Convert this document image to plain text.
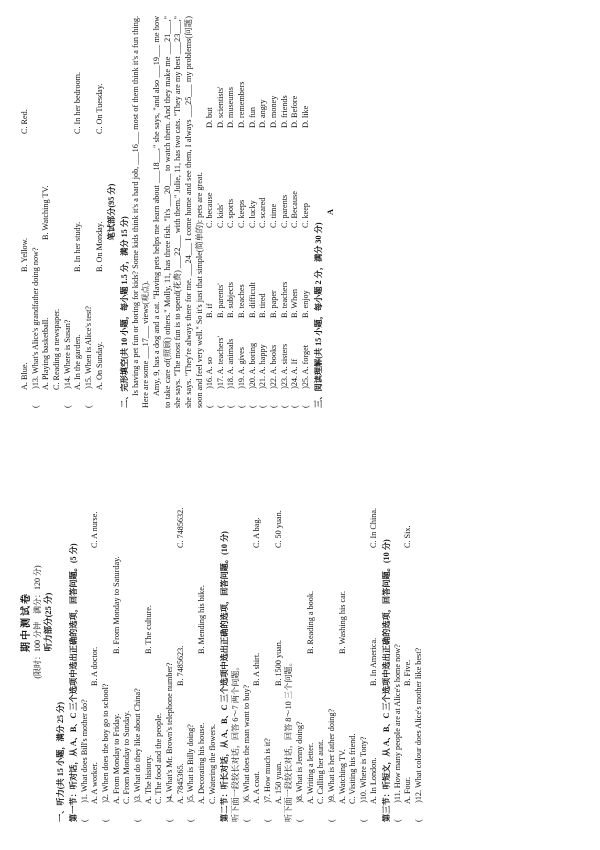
期中测试卷 (限时：100 分钟　满分：120 分) 听力部分(25 分)
一、听力(共 15 小题，满分 25 分) 第一节：听对话，从 A、B、C 三个选项中选出正确的选项，回答问题。(5 分) (　　)1. What does Bill's mother do? A. A worker.
B. A doctor.
C. A nurse.
(　　)2. When does the boy go to school? A. From Monday to Friday.
B. From Monday to Saturday.
C. From Monday to Sunday. (　　)3. What do they like about China? A. The history.
B. The culture.
C. The food and the people. (　　)4. What's Mr. Brown's telephone number? A. 7845365.
B. 7485623.
C. 7485632.
(　　)5. What is Billy doing? A. Decorating his house.
B. Mending his bike.
C. Watering the flowers. 第二节：听长对话，从 A、B、C 三个选项中选出正确的选项，回答问题。(10 分) 听下面一段较长对话，回答 6～7 两个问题。 (　　)6. What does the man want to buy? A. A coat.
B. A shirt.
C. A bag.
(　　)7. How much is it? A. 150 yuan.
B. 1500 yuan.
C. 50 yuan.
听下面一段较长对话，回答 8～10 三个问题。 (　　)8. What is Jenny doing? A. Writing a letter.
B. Reading a book.
C. Calling her aunt. (　　)9. What is her father doing? A. Watching TV.
B. Washing his car.
C. Visiting his friend. (　　)10. Where is Tony? A. In London.
B. In America.
C. In China.
第三节：听短文，从 A、B、C 三个选项中选出正确的选项，回答问题。(10 分) (　　)11. How many people are at Alice's home now? A. Four.
B. Five.
C. Six.
(　　)12. What colour does Alice's mother like best?
A. Blue.
B. Yellow.
C. Red.
(　　)13. What's Alice's grandfather doing now? A. Playing basketball.
B. Watching TV.
C. Reading a newspaper. (　　)14. Where is Susan? A. In the garden.
B. In her study.
C. In her bedroom.
(　　)15. When is Alice's test? A. On Sunday.
B. On Monday.
C. On Tuesday.
笔试部分(95 分)
二、完形填空(共 10 小题，每小题 1.5 分，满分 15 分) Is having a pet fun or boring for kids? Some kids think it's a hard job, ___16___ most of them think it's a fun thing. Here are some ___17___ views(观点). Amy, 9, has a dog and a cat. "Having pets helps me learn about ___18___," she says, "and also ___19___ me how to take care of(照顾) others." Molly, 11, has three fish. "It's ___20___ to watch them. And they make me ___21___," she says. "The most fun is to spend(花费) ___22___ with them." Julie, 11, has two cats. "They are my best ___23___," she says. "They're always there for me. ___24___ I come home and see them, I always ___25___ my problems(问题) soon and feel very well." So it's just that simple(简单的): pets are great. (　　)16. A. so
B. if
C. because
D. but
(　　)17. A. teachers'
B. parents'
C. kids'
D. scientists'
(　　)18. A. animals
B. subjects
C. sports
D. museums
(　　)19. A. gives
B. teaches
C. keeps
D. remembers
(　　)20. A. boring
B. difficult
C. lucky
D. fun
(　　)21. A. happy
B. tired
C. scared
D. angry
(　　)22. A. books
B. paper
C. time
D. money
(　　)23. A. sisters
B. teachers
C. parents
D. friends
(　　)24. A. If
B. When
C. Because
D. Before
(　　)25. A. forget
B. enjoy
C. keep
D. like
三、阅读理解(共 15 小题，每小题 2 分，满分 30 分)
A
